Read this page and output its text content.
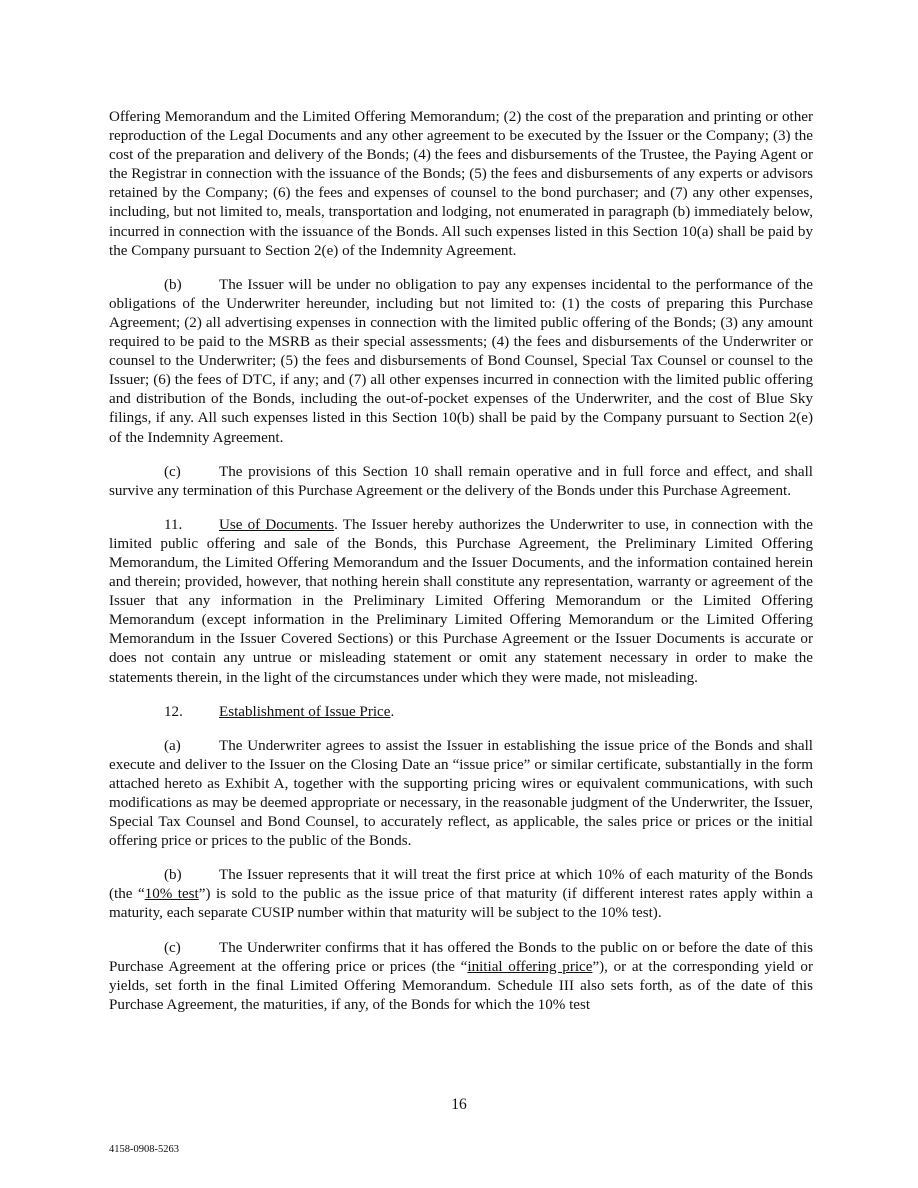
Offering Memorandum and the Limited Offering Memorandum; (2) the cost of the preparation and printing or other reproduction of the Legal Documents and any other agreement to be executed by the Issuer or the Company; (3) the cost of the preparation and delivery of the Bonds; (4) the fees and disbursements of the Trustee, the Paying Agent or the Registrar in connection with the issuance of the Bonds; (5) the fees and disbursements of any experts or advisors retained by the Company; (6) the fees and expenses of counsel to the bond purchaser; and (7) any other expenses, including, but not limited to, meals, transportation and lodging, not enumerated in paragraph (b) immediately below, incurred in connection with the issuance of the Bonds. All such expenses listed in this Section 10(a) shall be paid by the Company pursuant to Section 2(e) of the Indemnity Agreement.

(b) The Issuer will be under no obligation to pay any expenses incidental to the performance of the obligations of the Underwriter hereunder, including but not limited to: (1) the costs of preparing this Purchase Agreement; (2) all advertising expenses in connection with the limited public offering of the Bonds; (3) any amount required to be paid to the MSRB as their special assessments; (4) the fees and disbursements of the Underwriter or counsel to the Underwriter; (5) the fees and disbursements of Bond Counsel, Special Tax Counsel or counsel to the Issuer; (6) the fees of DTC, if any; and (7) all other expenses incurred in connection with the limited public offering and distribution of the Bonds, including the out-of-pocket expenses of the Underwriter, and the cost of Blue Sky filings, if any. All such expenses listed in this Section 10(b) shall be paid by the Company pursuant to Section 2(e) of the Indemnity Agreement.

(c)	The provisions of this Section 10 shall remain operative and in full force and effect, and shall survive any termination of this Purchase Agreement or the delivery of the Bonds under this Purchase Agreement.

11. Use of Documents. The Issuer hereby authorizes the Underwriter to use, in connection with the limited public offering and sale of the Bonds, this Purchase Agreement, the Preliminary Limited Offering Memorandum, the Limited Offering Memorandum and the Issuer Documents, and the information contained herein and therein; provided, however, that nothing herein shall constitute any representation, warranty or agreement of the Issuer that any information in the Preliminary Limited Offering Memorandum or the Limited Offering Memorandum (except information in the Preliminary Limited Offering Memorandum or the Limited Offering Memorandum in the Issuer Covered Sections) or this Purchase Agreement or the Issuer Documents is accurate or does not contain any untrue or misleading statement or omit any statement necessary in order to make the statements therein, in the light of the circumstances under which they were made, not misleading.

12. Establishment of Issue Price.

(a)	The Underwriter agrees to assist the Issuer in establishing the issue price of the Bonds and shall execute and deliver to the Issuer on the Closing Date an “issue price” or similar certificate, substantially in the form attached hereto as Exhibit A, together with the supporting pricing wires or equivalent communications, with such modifications as may be deemed appropriate or necessary, in the reasonable judgment of the Underwriter, the Issuer, Special Tax Counsel and Bond Counsel, to accurately reflect, as applicable, the sales price or prices or the initial offering price or prices to the public of the Bonds.

(b) The Issuer represents that it will treat the first price at which 10% of each maturity of the Bonds (the “10% test”) is sold to the public as the issue price of that maturity (if different interest rates apply within a maturity, each separate CUSIP number within that maturity will be subject to the 10% test).

(c)	The Underwriter confirms that it has offered the Bonds to the public on or before the date of this Purchase Agreement at the offering price or prices (the “initial offering price”), or at the corresponding yield or yields, set forth in the final Limited Offering Memorandum. Schedule III also sets forth, as of the date of this Purchase Agreement, the maturities, if any, of the Bonds for which the 10% test

16
4158-0908-5263
